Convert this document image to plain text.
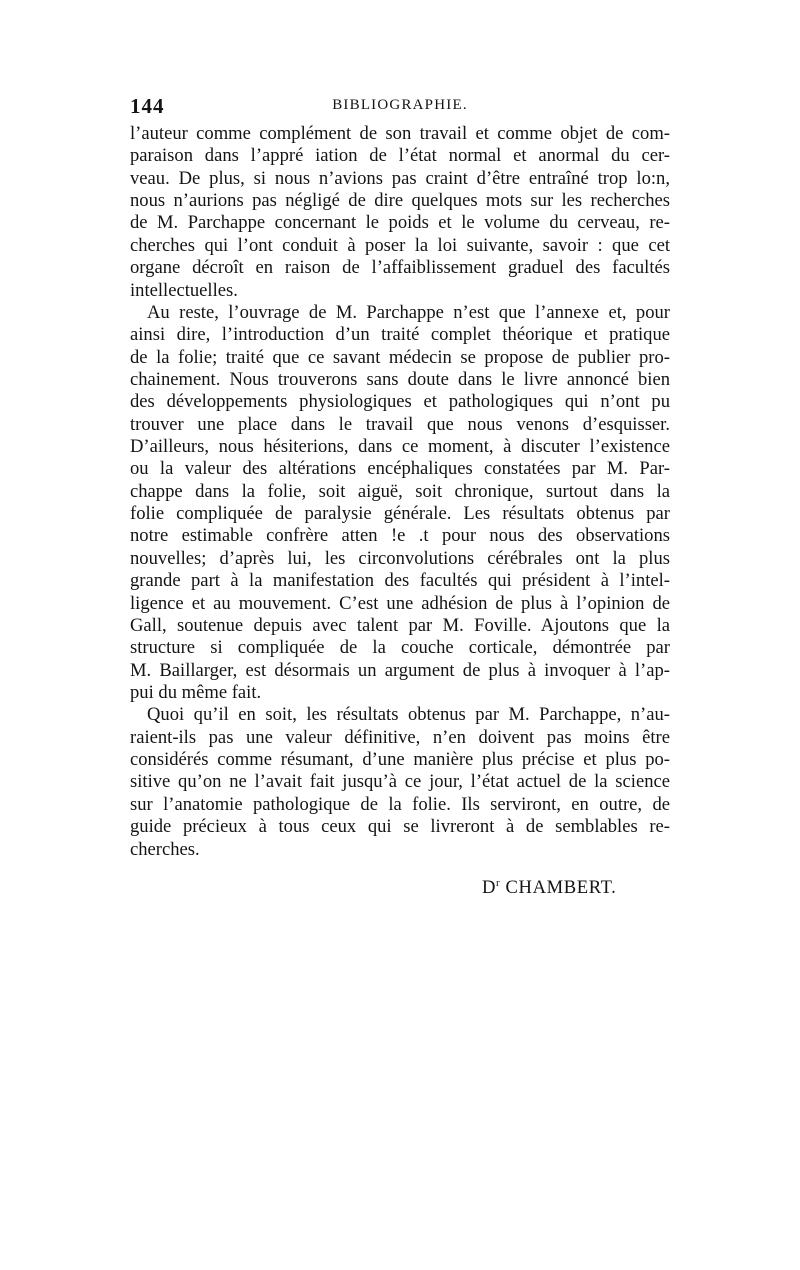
144	BIBLIOGRAPHIE.
l’auteur comme complément de son travail et comme objet de com-
paraison dans l’appré iation de l’état normal et anormal du cer-
veau. De plus, si nous n’avions pas craint d’être entraîné trop lo:n,
nous n’aurions pas négligé de dire quelques mots sur les recherches
de M. Parchappe concernant le poids et le volume du cerveau, re-
cherches qui l’ont conduit à poser la loi suivante, savoir : que cet
organe décroît en raison de l’affaiblissement graduel des facultés
intellectuelles.
Au reste, l’ouvrage de M. Parchappe n’est que l’annexe et, pour
ainsi dire, l’introduction d’un traité complet théorique et pratique
de la folie; traité que ce savant médecin se propose de publier pro-
chainement. Nous trouverons sans doute dans le livre annoncé bien
des développements physiologiques et pathologiques qui n’ont pu
trouver une place dans le travail que nous venons d’esquisser.
D’ailleurs, nous hésiterions, dans ce moment, à discuter l’existence
ou la valeur des altérations encéphaliques constatées par M. Par-
chappe dans la folie, soit aiguë, soit chronique, surtout dans la
folie compliquée de paralysie générale. Les résultats obtenus par
notre estimable confrère atten !e .t pour nous des observations
nouvelles; d’après lui, les circonvolutions cérébrales ont la plus
grande part à la manifestation des facultés qui président à l’intel-
ligence et au mouvement. C’est une adhésion de plus à l’opinion de
Gall, soutenue depuis avec talent par M. Foville. Ajoutons que la
structure si compliquée de la couche corticale, démontrée par
M. Baillarger, est désormais un argument de plus à invoquer à l’ap-
pui du même fait.
Quoi qu’il en soit, les résultats obtenus par M. Parchappe, n’au-
raient-ils pas une valeur définitive, n’en doivent pas moins être
considérés comme résumant, d’une manière plus précise et plus po-
sitive qu’on ne l’avait fait jusqu’à ce jour, l’état actuel de la science
sur l’anatomie pathologique de la folie. Ils serviront, en outre, de
guide précieux à tous ceux qui se livreront à de semblables re-
cherches.
$D^r$ CHAMBERT.
